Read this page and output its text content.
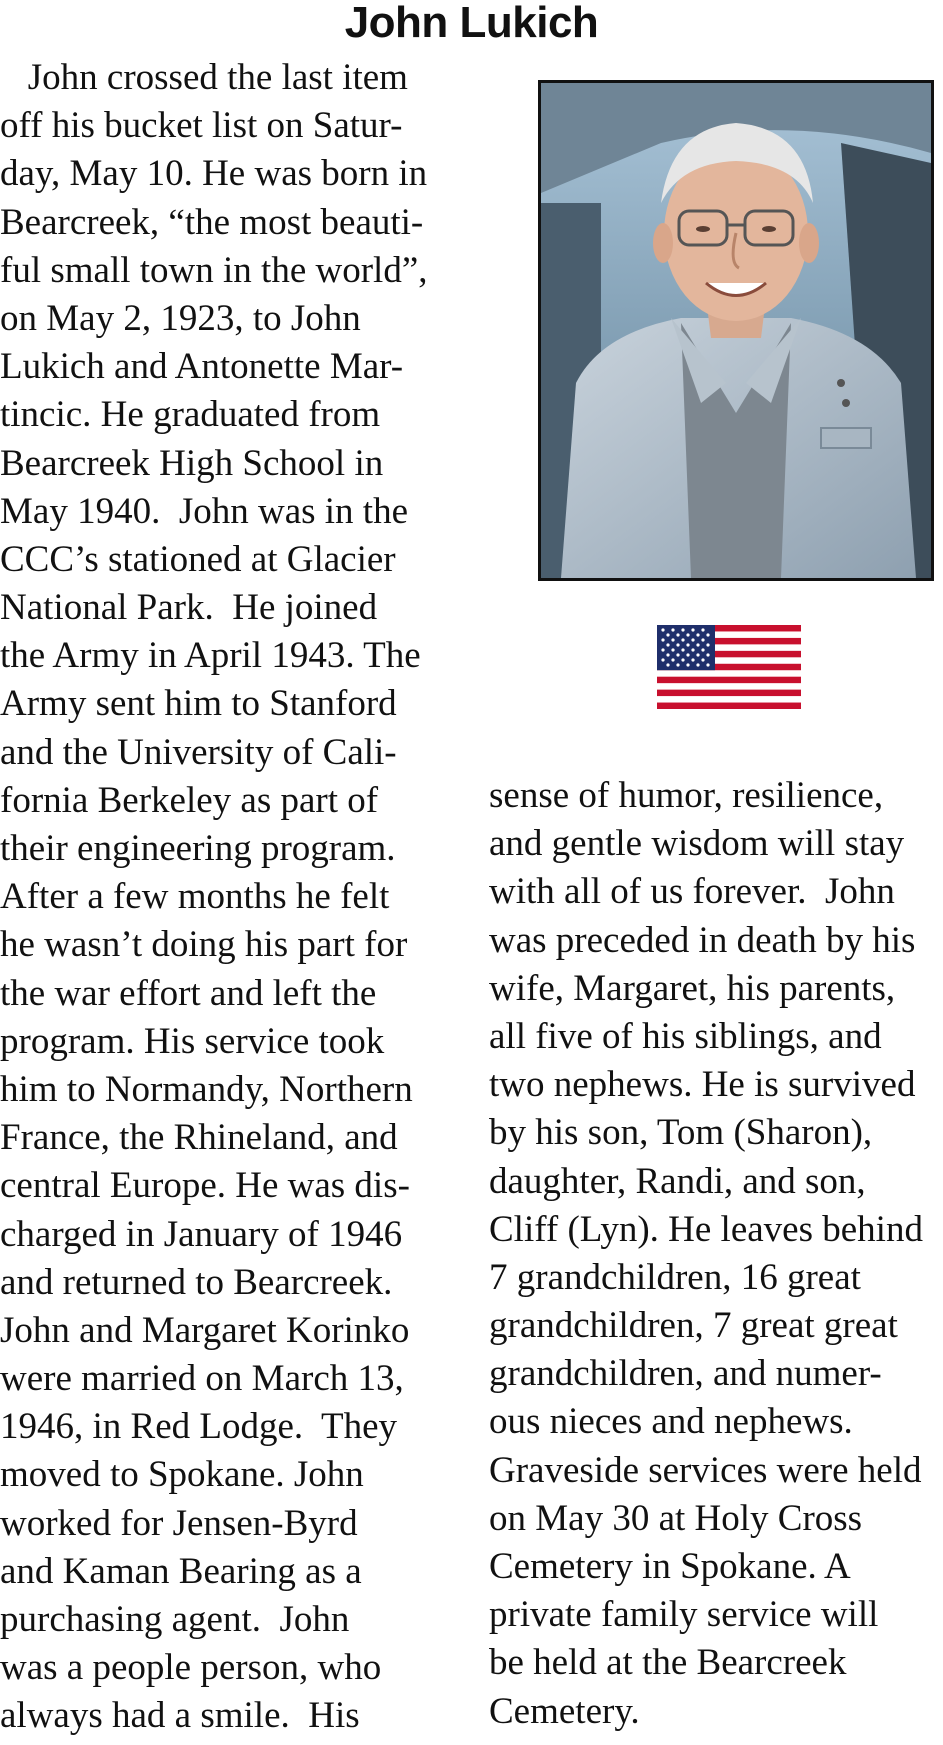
John Lukich
John crossed the last item
off his bucket list on Satur-
day, May 10. He was born in
Bearcreek, “the most beauti-
ful small town in the world”,
on May 2, 1923, to John
Lukich and Antonette Mar-
tincic. He graduated from
Bearcreek High School in
May 1940.  John was in the
CCC’s stationed at Glacier
National Park.  He joined
the Army in April 1943. The
Army sent him to Stanford
and the University of Cali-
fornia Berkeley as part of
their engineering program.
After a few months he felt
he wasn’t doing his part for
the war effort and left the
program. His service took
him to Normandy, Northern
France, the Rhineland, and
central Europe. He was dis-
charged in January of 1946
and returned to Bearcreek.
John and Margaret Korinko
were married on March 13,
1946, in Red Lodge.  They
moved to Spokane. John
worked for Jensen-Byrd
and Kaman Bearing as a
purchasing agent.  John
was a people person, who
always had a smile.  His
sense of humor, resilience,
and gentle wisdom will stay
with all of us forever.  John
was preceded in death by his
wife, Margaret, his parents,
all five of his siblings, and
two nephews. He is survived
by his son, Tom (Sharon),
daughter, Randi, and son,
Cliff (Lyn). He leaves behind
7 grandchildren, 16 great
grandchildren, 7 great great
grandchildren, and numer-
ous nieces and nephews.
Graveside services were held
on May 30 at Holy Cross
Cemetery in Spokane. A
private family service will
be held at the Bearcreek
Cemetery.
